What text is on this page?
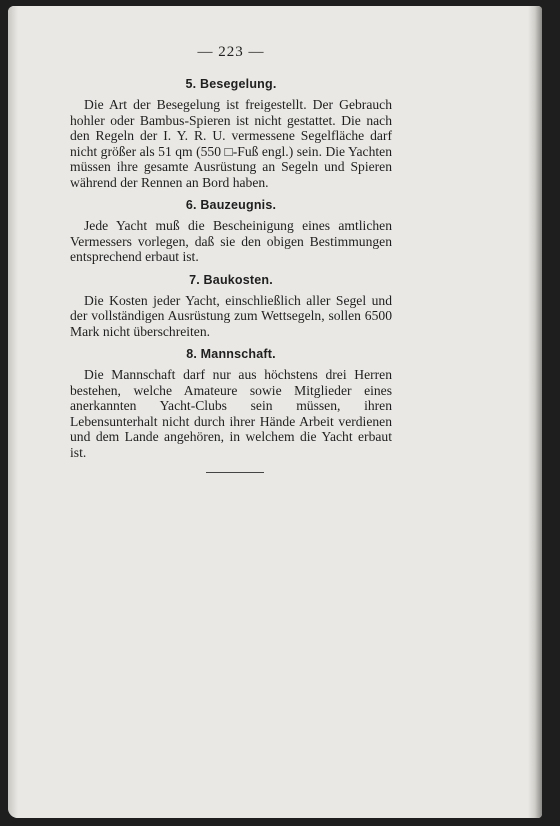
— 223 —
5. Besegelung.
Die Art der Besegelung ist freigestellt. Der Gebrauch hohler oder Bambus-Spieren ist nicht gestattet. Die nach den Regeln der I. Y. R. U. vermessene Segelfläche darf nicht größer als 51 qm (550 □-Fuß engl.) sein. Die Yachten müssen ihre gesamte Ausrüstung an Segeln und Spieren während der Rennen an Bord haben.
6. Bauzeugnis.
Jede Yacht muß die Bescheinigung eines amtlichen Vermessers vorlegen, daß sie den obigen Bestimmungen entsprechend erbaut ist.
7. Baukosten.
Die Kosten jeder Yacht, einschließlich aller Segel und der vollständigen Ausrüstung zum Wettsegeln, sollen 6500 Mark nicht überschreiten.
8. Mannschaft.
Die Mannschaft darf nur aus höchstens drei Herren bestehen, welche Amateure sowie Mitglieder eines anerkannten Yacht-Clubs sein müssen, ihren Lebensunterhalt nicht durch ihrer Hände Arbeit verdienen und dem Lande angehören, in welchem die Yacht erbaut ist.
